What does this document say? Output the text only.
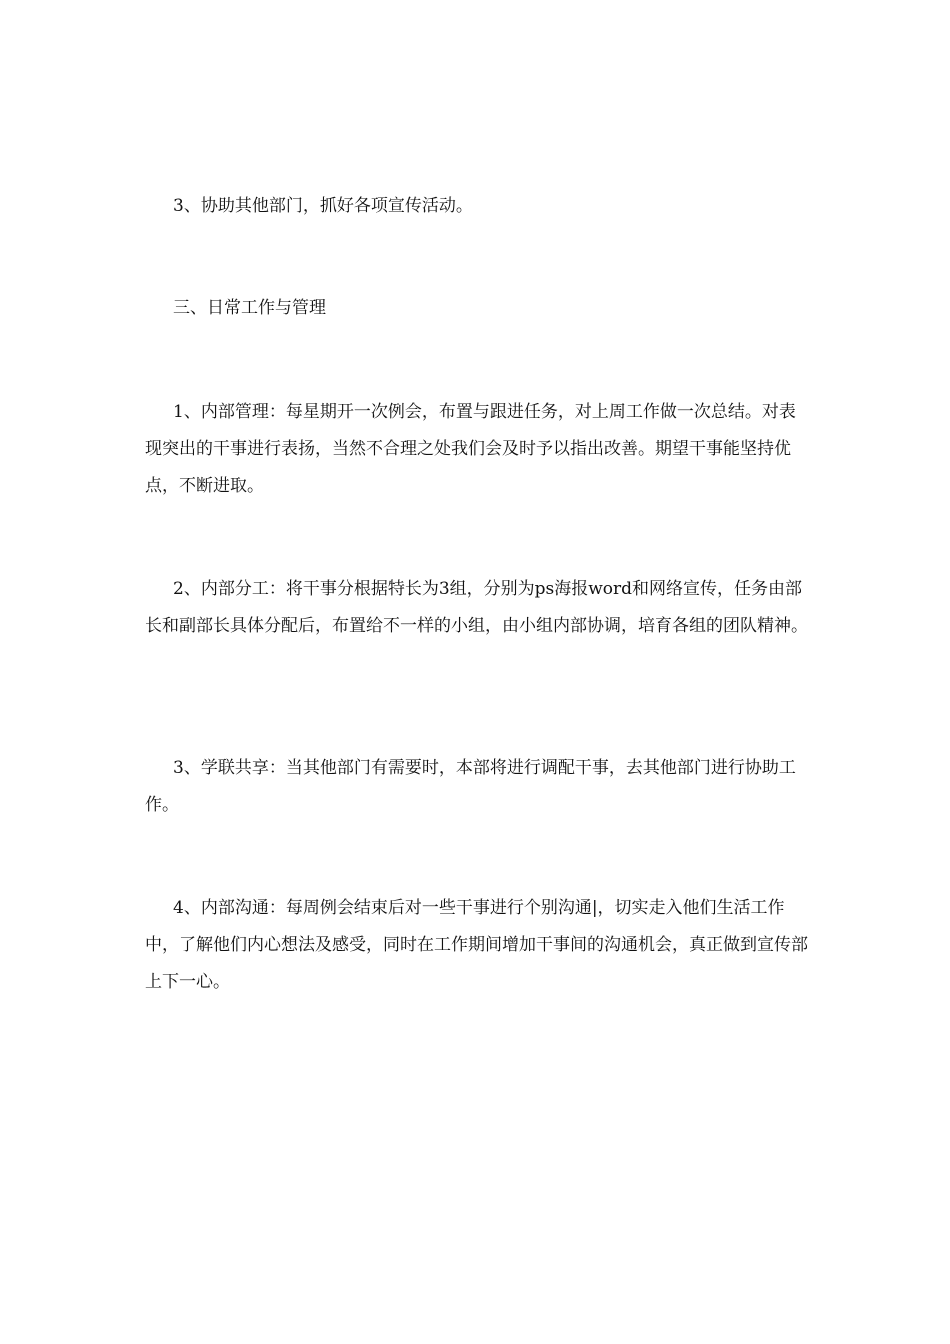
3、协助其他部门，抓好各项宣传活动。

三、日常工作与管理

1、内部管理：每星期开一次例会，布置与跟进任务，对上周工作做一次总结。对表现突出的干事进行表扬，当然不合理之处我们会及时予以指出改善。期望干事能坚持优点，不断进取。

2、内部分工：将干事分根据特长为3组，分别为ps海报word和网络宣传，任务由部长和副部长具体分配后，布置给不一样的小组，由小组内部协调，培育各组的团队精神。

3、学联共享：当其他部门有需要时，本部将进行调配干事，去其他部门进行协助工作。

4、内部沟通：每周例会结束后对一些干事进行个别沟通|，切实走入他们生活工作中，了解他们内心想法及感受，同时在工作期间增加干事间的沟通机会，真正做到宣传部上下一心。
